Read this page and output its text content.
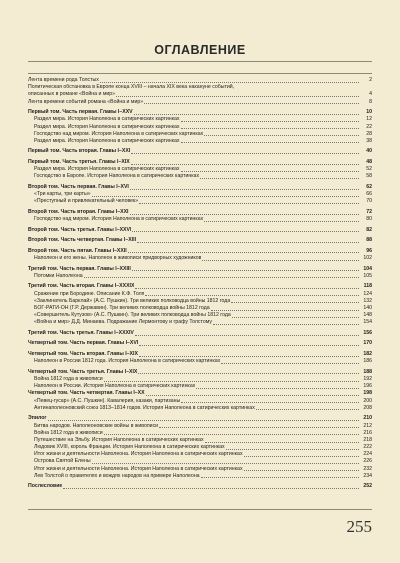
ОГЛАВЛЕНИЕ
Лента времени рода Толстых	2
Политическая обстановка в Европе конца XVIII – начала XIX века накануне событий,
описанных в романе «Война и мир»	4
Лента времени событий романа «Война и мир»	8
Первый том. Часть первая. Главы I–XXV	10
Раздел мира. История Наполеона в сатирических картинках	12
Раздел мира. История Наполеона в сатирических картинках	22
Господство над миром. История Наполеона в сатирических картинках	28
Раздел мира. История Наполеона в сатирических картинках	38
Первый том. Часть вторая. Главы I–XXI	40
Первый том. Часть третья. Главы I–XIX	48
Раздел мира. История Наполеона в сатирических картинках	52
Господство в Европе. История Наполеона в сатирических картинках	58
Второй том. Часть первая. Главы I–XVI	62
«Три карты, три карты»	66
«Преступный и привлекательный человек»	70
Второй том. Часть вторая. Главы I–XXI	72
Господство над миром. История Наполеона в сатирических картинках	80
Второй том. Часть третья. Главы I–XXVI	82
Второй том. Часть четвертая. Главы I–XIII	88
Второй том. Часть пятая. Главы I–XXII	96
Наполеон и его жены. Наполеон в живописи придворных художников	102
Третий том. Часть первая. Главы I–XXIII	104
Потомки Наполеона	105
Третий том. Часть вторая. Главы I–XXXIX	118
Сражение при Бородине. Описание К.Ф. Толя	124
«Заклинатель Барклай» (А.С. Пушкин). Три великих полководца войны 1812 года	132
БОГ-РАТИ-ОН (Г.Р. Державин). Три великих полководца войны 1812 года	140
«Совершитель Кутузов» (А.С. Пушкин). Три великих полководца войны 1812 года	148
«Война и мир» Д.Д. Минаева. Подражание Лермонтову и графу Толстому	154
Третий том. Часть третья. Главы I–XXXIV	156
Четвертый том. Часть первая. Главы I–XVI	170
Четвертый том. Часть вторая. Главы I–XIX	182
Наполеон в России 1812 года. История Наполеона в сатирических картинках	186
Четвертый том. Часть третья. Главы I–XIX	188
Война 1812 года в живописи	192
Наполеон в России. История Наполеона в сатирических картинках	196
Четвертый том. Часть четвертая. Главы I–XX	198
«Певец-гусар» (А.С. Пушкин). Кавалерия, казаки, партизаны	200
Антинаполеоновский союз 1813–1814 годов. История Наполеона в сатирических картинках	208
Эпилог	210
Битва народов. Наполеоновские войны в живописи	212
Война 1812 года в живописи	216
Путешествие на Эльбу. История Наполеона в сатирических картинках	218
Людовик XVIII, король Франции. История Наполеона в сатирических картинках	222
Итог жизни и деятельности Наполеона. История Наполеона в сатирических картинках	224
Острова Святой Елены	226
Итог жизни и деятельности Наполеона. История Наполеона в сатирических картинках	232
Лев Толстой о правителях и вождях народов на примере Наполеона	234
Послесловие	252
255
